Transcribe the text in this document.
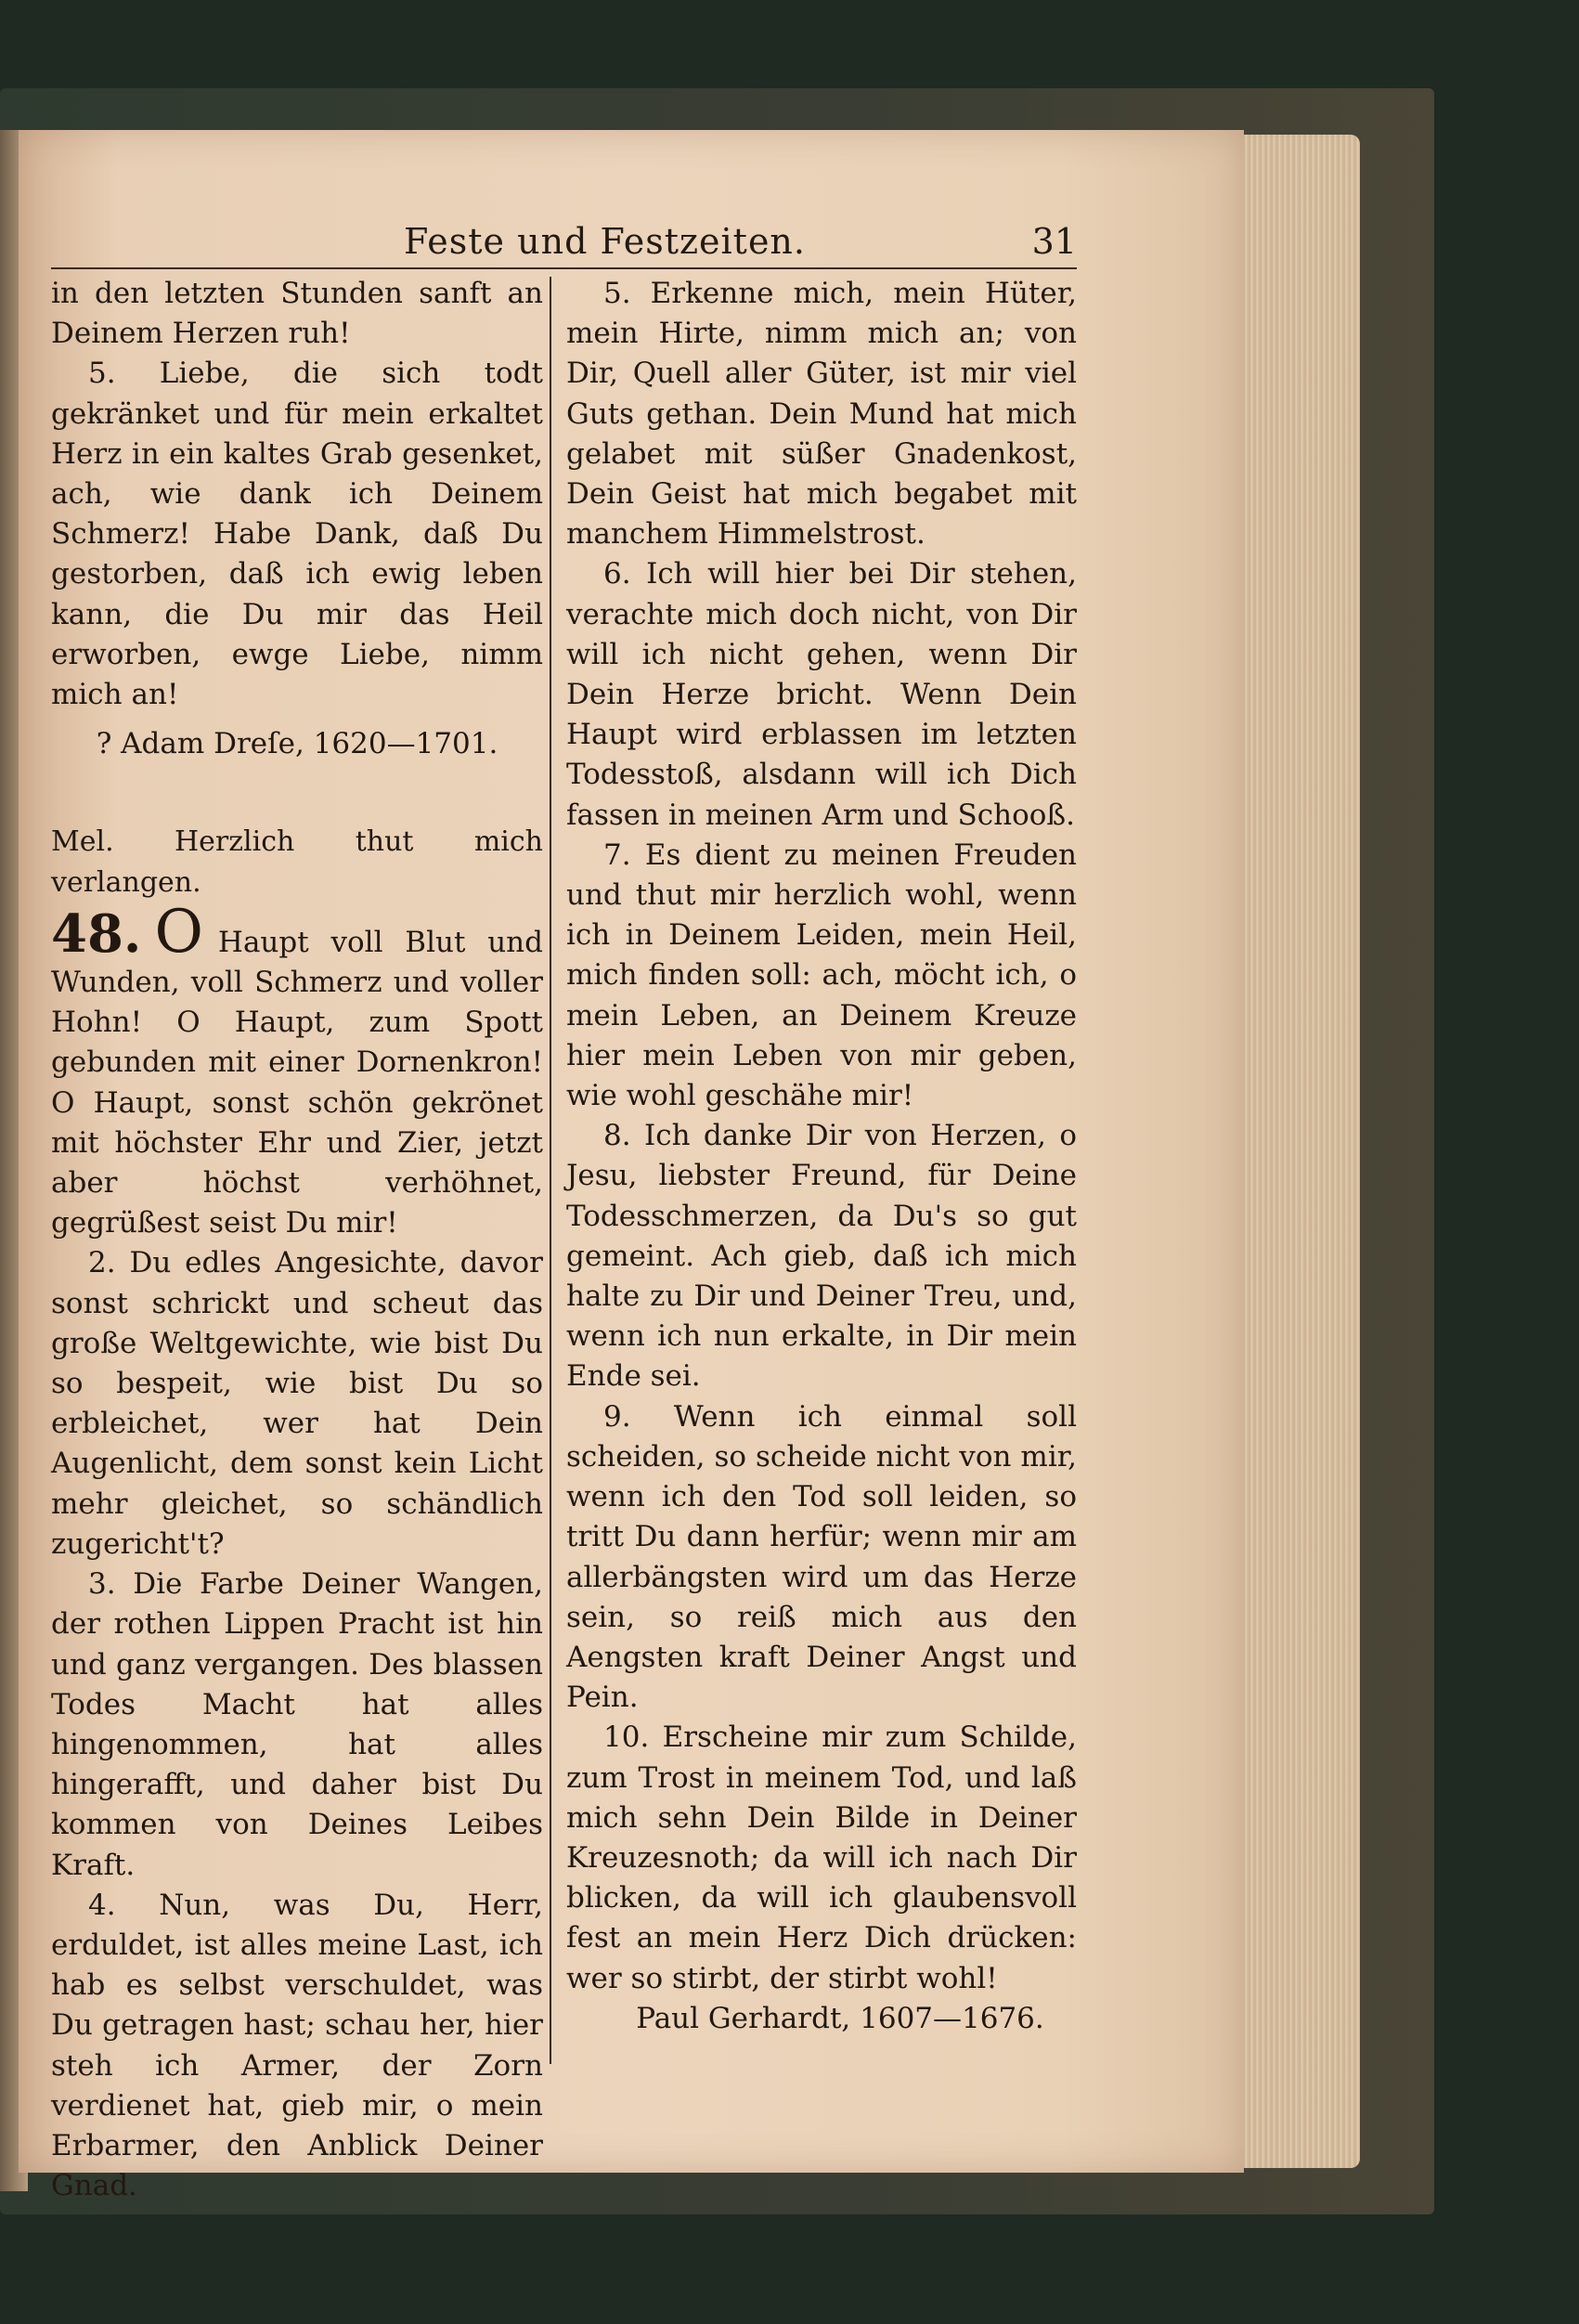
Feste und Festzeiten.	31

in den letzten Stunden sanft an Deinem Herzen ruh!

5. Liebe, die sich todt gekränket und für mein erkaltet Herz in ein kaltes Grab gesenket, ach, wie dank ich Deinem Schmerz! Habe Dank, daß Du gestorben, daß ich ewig leben kann, die Du mir das Heil erworben, ewge Liebe, nimm mich an!

? Adam Dreſe, 1620—1701.

Mel. Herzlich thut mich verlangen.

48. O Haupt voll Blut und Wunden, voll Schmerz und voller Hohn! O Haupt, zum Spott gebunden mit einer Dornenkron! O Haupt, sonst schön gekrönet mit höchster Ehr und Zier, jetzt aber höchst verhöhnet, gegrüßest seist Du mir!

2. Du edles Angesichte, davor sonst schrickt und scheut das große Weltgewichte, wie bist Du so bespeit, wie bist Du so erbleichet, wer hat Dein Augenlicht, dem sonst kein Licht mehr gleichet, so schändlich zugericht't?

3. Die Farbe Deiner Wangen, der rothen Lippen Pracht ist hin und ganz vergangen. Des blassen Todes Macht hat alles hingenommen, hat alles hingerafft, und daher bist Du kommen von Deines Leibes Kraft.

4. Nun, was Du, Herr, erduldet, ist alles meine Last, ich hab es selbst verschuldet, was Du getragen hast; schau her, hier steh ich Armer, der Zorn verdienet hat, gieb mir, o mein Erbarmer, den Anblick Deiner Gnad.

5. Erkenne mich, mein Hüter, mein Hirte, nimm mich an; von Dir, Quell aller Güter, ist mir viel Guts gethan. Dein Mund hat mich gelabet mit süßer Gnadenkost, Dein Geist hat mich begabet mit manchem Himmelstrost.

6. Ich will hier bei Dir stehen, verachte mich doch nicht, von Dir will ich nicht gehen, wenn Dir Dein Herze bricht. Wenn Dein Haupt wird erblassen im letzten Todesstoß, alsdann will ich Dich fassen in meinen Arm und Schooß.

7. Es dient zu meinen Freuden und thut mir herzlich wohl, wenn ich in Deinem Leiden, mein Heil, mich finden soll: ach, möcht ich, o mein Leben, an Deinem Kreuze hier mein Leben von mir geben, wie wohl geschähe mir!

8. Ich danke Dir von Herzen, o Jesu, liebster Freund, für Deine Todesschmerzen, da Du's so gut gemeint. Ach gieb, daß ich mich halte zu Dir und Deiner Treu, und, wenn ich nun erkalte, in Dir mein Ende sei.

9. Wenn ich einmal soll scheiden, so scheide nicht von mir, wenn ich den Tod soll leiden, so tritt Du dann herfür; wenn mir am allerbängsten wird um das Herze sein, so reiß mich aus den Aengsten kraft Deiner Angst und Pein.

10. Erscheine mir zum Schilde, zum Trost in meinem Tod, und laß mich sehn Dein Bilde in Deiner Kreuzesnoth; da will ich nach Dir blicken, da will ich glaubensvoll fest an mein Herz Dich drücken: wer so stirbt, der stirbt wohl!

Paul Gerhardt, 1607—1676.
